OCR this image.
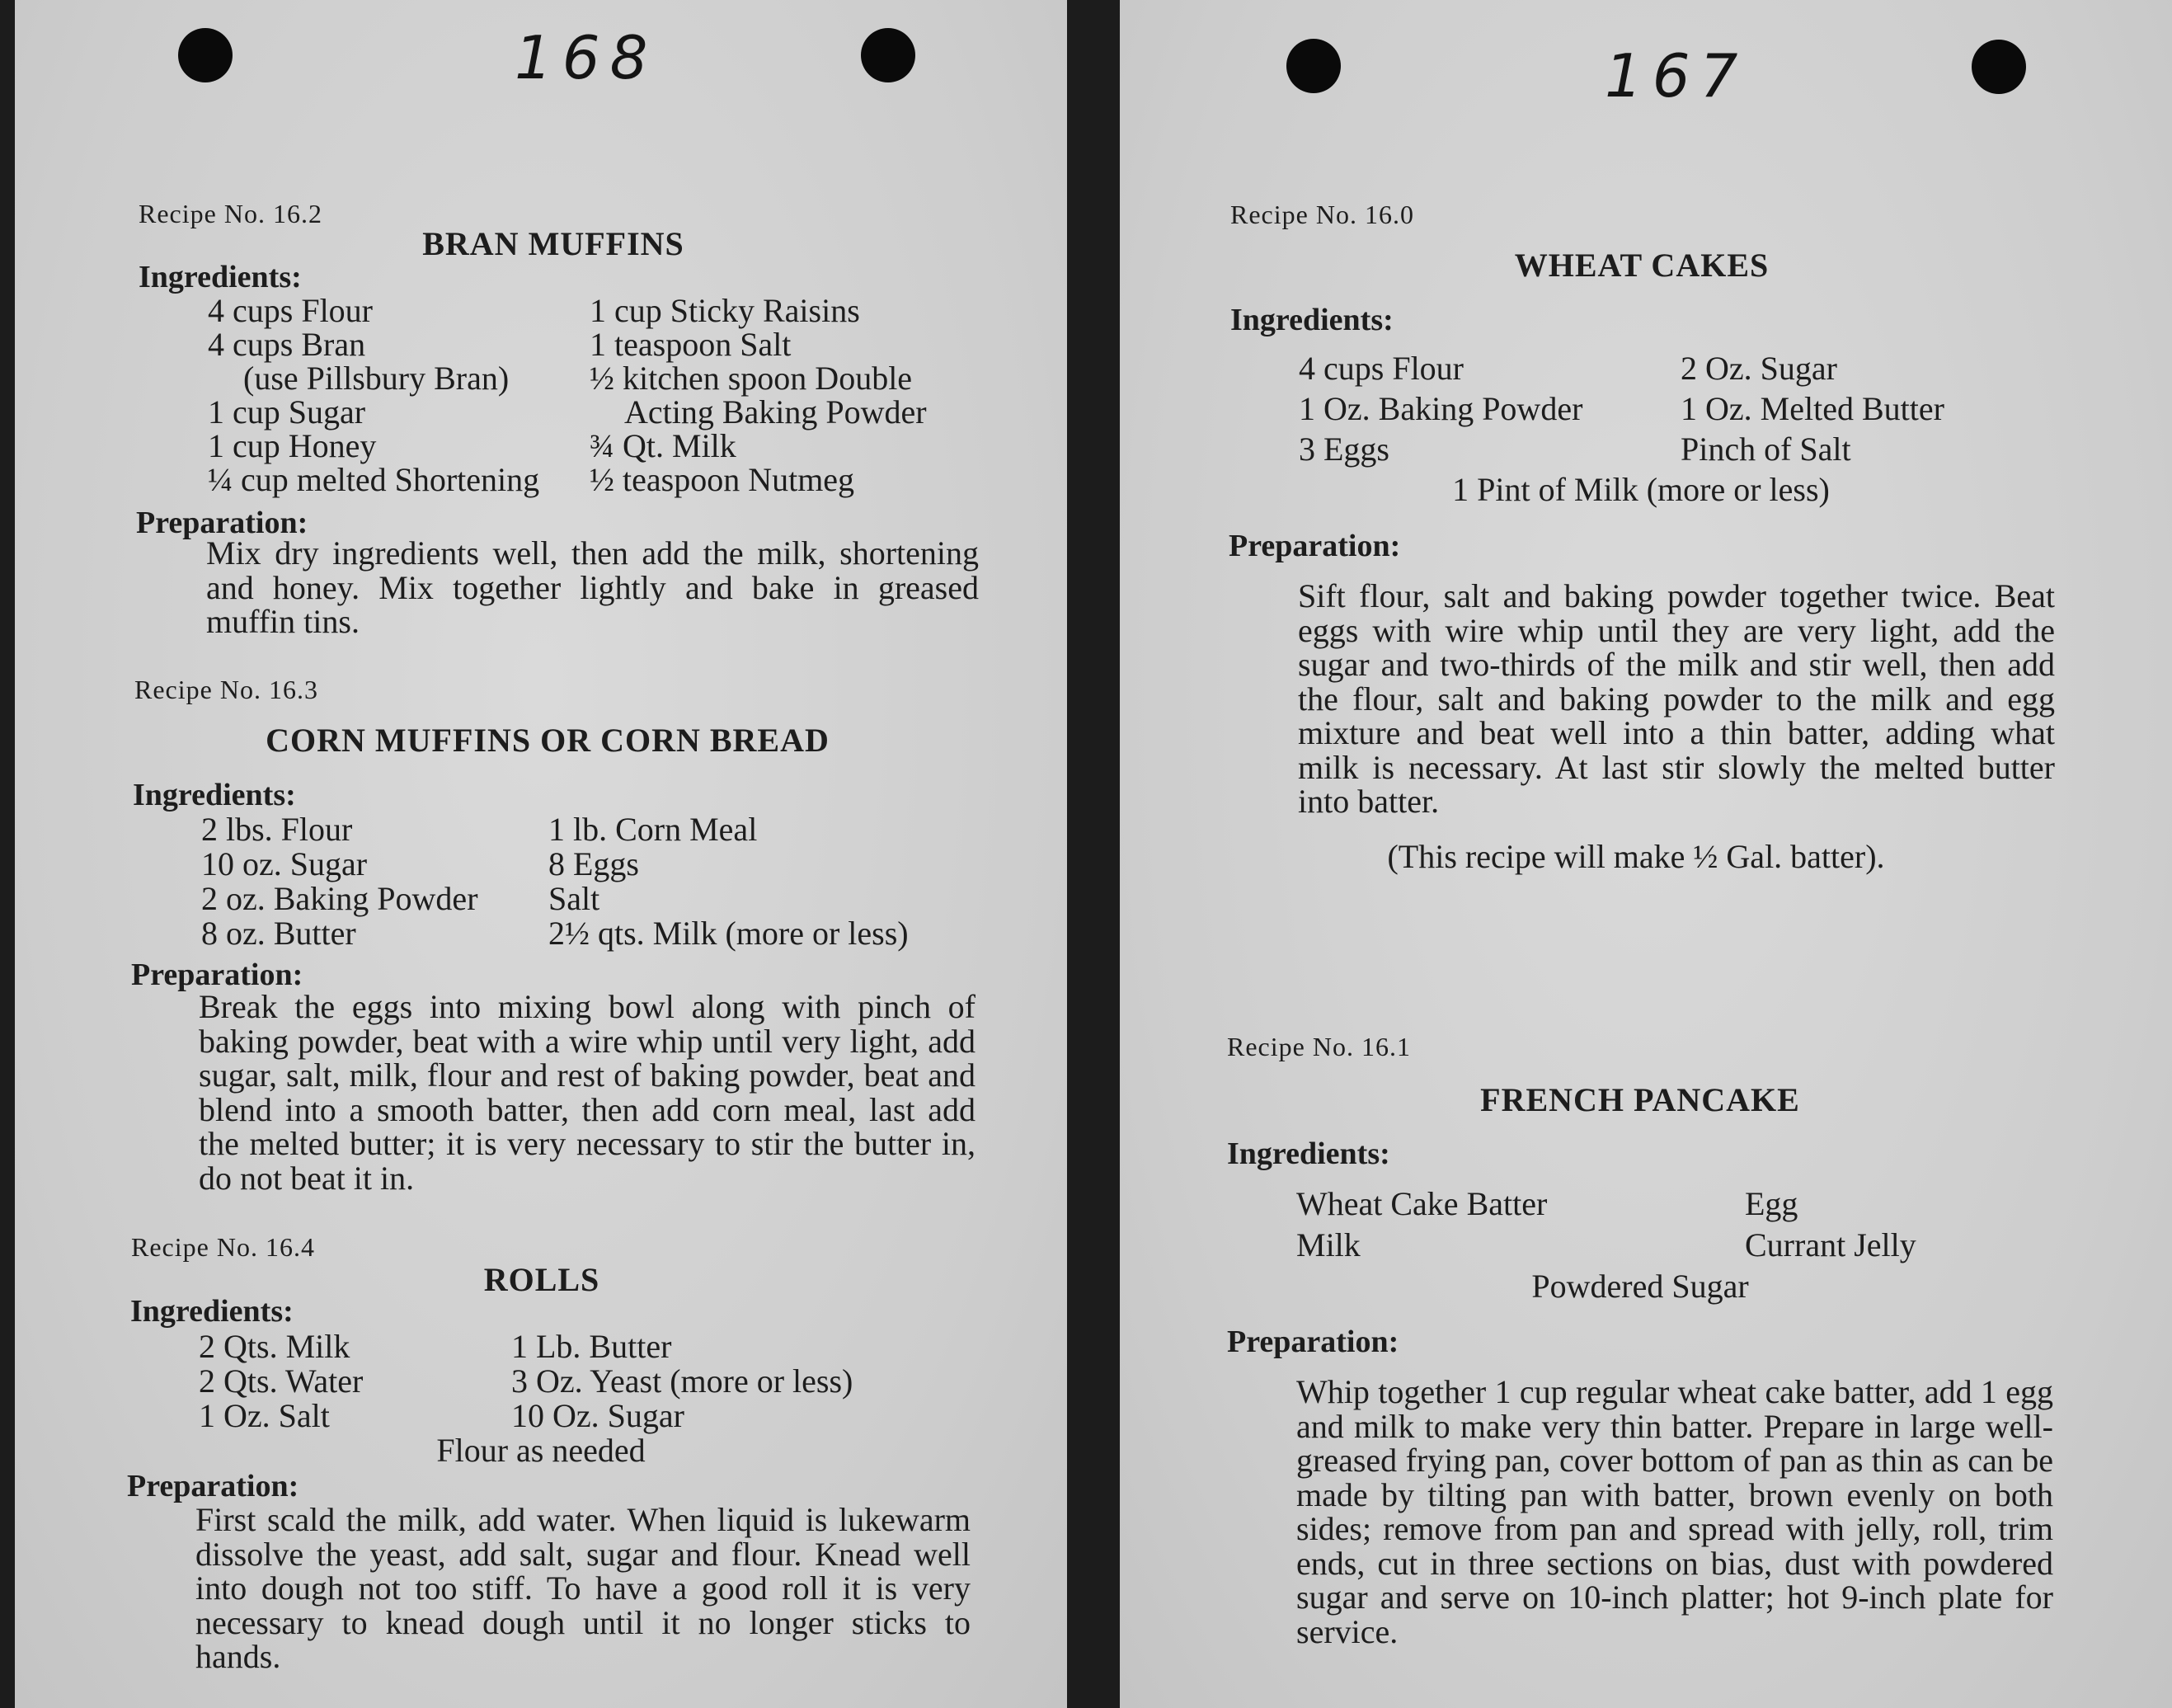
168
Recipe No. 16.2
BRAN MUFFINS
Ingredients:
4 cups Flour
4 cups Bran
(use Pillsbury Bran)
1 cup Sugar
1 cup Honey
¼ cup melted Shortening
1 cup Sticky Raisins
1 teaspoon Salt
½ kitchen spoon Double
Acting Baking Powder
¾ Qt. Milk
½ teaspoon Nutmeg
Preparation:
Mix dry ingredients well, then add the milk, shortening and honey. Mix together lightly and bake in greased muffin tins.
Recipe No. 16.3
CORN MUFFINS OR CORN BREAD
Ingredients:
2 lbs. Flour
10 oz. Sugar
2 oz. Baking Powder
8 oz. Butter
1 lb. Corn Meal
8 Eggs
Salt
2½ qts. Milk (more or less)
Preparation:
Break the eggs into mixing bowl along with pinch of baking powder, beat with a wire whip until very light, add sugar, salt, milk, flour and rest of baking powder, beat and blend into a smooth batter, then add corn meal, last add the melted butter; it is very necessary to stir the butter in, do not beat it in.
Recipe No. 16.4
ROLLS
Ingredients:
2 Qts. Milk
2 Qts. Water
1 Oz. Salt
1 Lb. Butter
3 Oz. Yeast (more or less)
10 Oz. Sugar
Flour as needed
Preparation:
First scald the milk, add water. When liquid is lukewarm dissolve the yeast, add salt, sugar and flour. Knead well into dough not too stiff. To have a good roll it is very necessary to knead dough until it no longer sticks to hands.
167
Recipe No. 16.0
WHEAT CAKES
Ingredients:
4 cups Flour
1 Oz. Baking Powder
3 Eggs
2 Oz. Sugar
1 Oz. Melted Butter
Pinch of Salt
1 Pint of Milk (more or less)
Preparation:
Sift flour, salt and baking powder together twice. Beat eggs with wire whip until they are very light, add the sugar and two-thirds of the milk and stir well, then add the flour, salt and baking powder to the milk and egg mixture and beat well into a thin batter, adding what milk is necessary. At last stir slowly the melted butter into batter.
(This recipe will make ½ Gal. batter).
Recipe No. 16.1
FRENCH PANCAKE
Ingredients:
Wheat Cake Batter
Milk
Egg
Currant Jelly
Powdered Sugar
Preparation:
Whip together 1 cup regular wheat cake batter, add 1 egg and milk to make very thin batter. Prepare in large well-greased frying pan, cover bottom of pan as thin as can be made by tilting pan with batter, brown evenly on both sides; remove from pan and spread with jelly, roll, trim ends, cut in three sections on bias, dust with powdered sugar and serve on 10-inch platter; hot 9-inch plate for service.
